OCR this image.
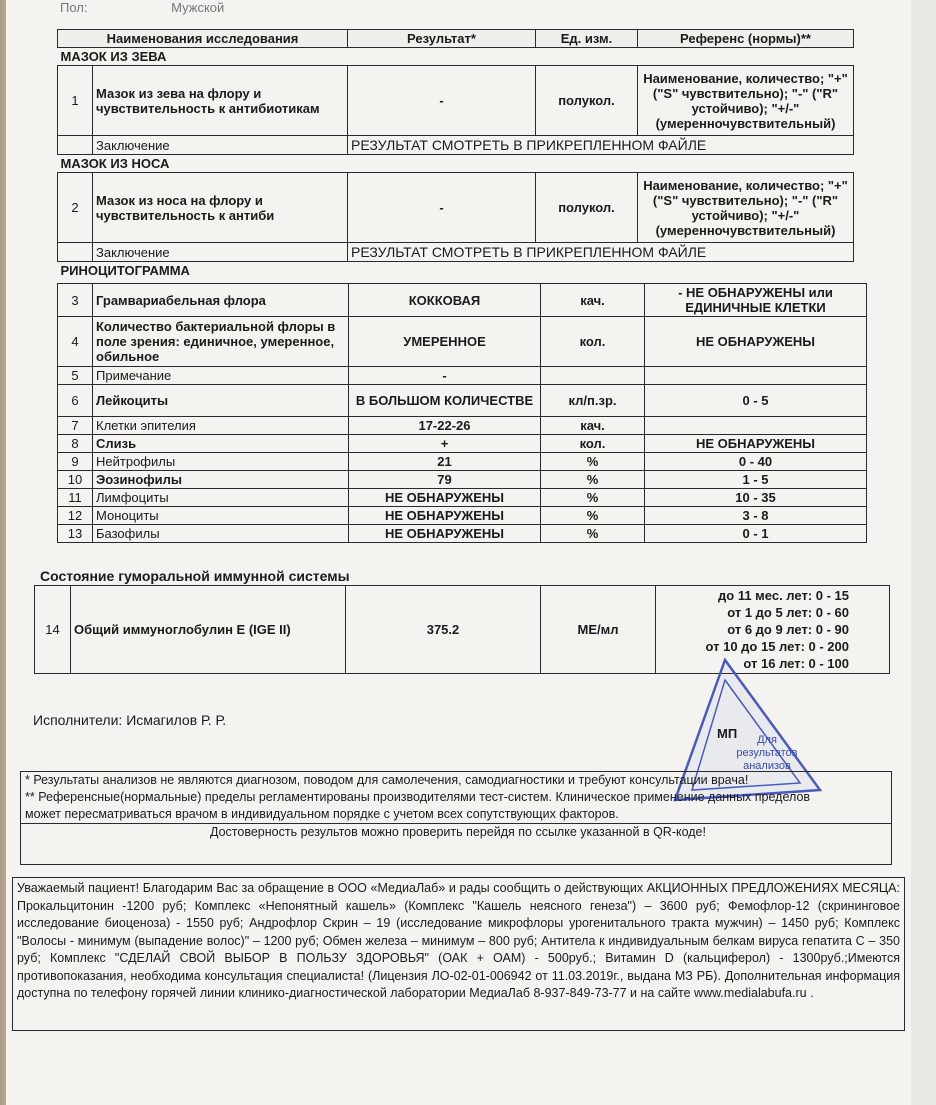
Пол:	Мужской
Наименования исследования		Результат*	Ед. изм.	Референс (нормы)**
МАЗОК ИЗ ЗЕВА				
1	Мазок из зева на флору и чувствительность к антибиотикам	-	полукол.	Наименование, количество; "+" ("S" чувствительно); "-" ("R" устойчиво); "+/-" (умеренночувствительный)
	Заключение	РЕЗУЛЬТАТ СМОТРЕТЬ В ПРИКРЕПЛЕННОМ ФАЙЛЕ		
МАЗОК ИЗ НОСА				
2	Мазок из носа на флору и чувствительность к антиби	-	полукол.	Наименование, количество; "+" ("S" чувствительно); "-" ("R" устойчиво); "+/-" (умеренночувствительный)
	Заключение	РЕЗУЛЬТАТ СМОТРЕТЬ В ПРИКРЕПЛЕННОМ ФАЙЛЕ		
РИНОЦИТОГРАММА				
3	Грамвариабельная флора	КОККОВАЯ	кач.	- НЕ ОБНАРУЖЕНЫ или ЕДИНИЧНЫЕ КЛЕТКИ
4	Количество бактериальной флоры в поле зрения: единичное, умеренное, обильное	УМЕРЕННОЕ	кол.	НЕ ОБНАРУЖЕНЫ
5	Примечание	-		
6	Лейкоциты	В БОЛЬШОМ КОЛИЧЕСТВЕ	кл/п.зр.	0 - 5
7	Клетки эпителия	17-22-26	кач.	
8	Слизь	+	кол.	НЕ ОБНАРУЖЕНЫ
9	Нейтрофилы	21	%	0 - 40
10	Эозинофилы	79	%	1 - 5
11	Лимфоциты	НЕ ОБНАРУЖЕНЫ	%	10 - 35
12	Моноциты	НЕ ОБНАРУЖЕНЫ	%	3 - 8
13	Базофилы	НЕ ОБНАРУЖЕНЫ	%	0 - 1
Состояние гуморальной иммунной системы
14	Общий иммуноглобулин Е (IGE II)	375.2	МЕ/мл	
до 11 мес. лет: 0 - 15
от 1 до 5 лет: 0 - 60
от 6 до 9 лет: 0 - 90
от 10 до 15 лет: 0 - 200
от 16 лет: 0 - 100
Исполнители: Исмагилов Р. Р.
МП	Для результатов анализов
* Результаты анализов не являются диагнозом, поводом для самолечения, самодиагностики и требуют консультации врача!
** Референсные(нормальные) пределы регламентированы производителями тест-систем. Клиническое применение данных пределов
может пересматриваться врачом в индивидуальном порядке с учетом всех сопутствующих факторов.
Достоверность результов можно проверить перейдя по ссылке указанной в QR-коде!
Уважаемый пациент! Благодарим Вас за обращение в ООО «МедиаЛаб» и рады сообщить о действующих АКЦИОННЫХ ПРЕДЛОЖЕНИЯХ МЕСЯЦА: Прокальцитонин -1200 руб; Комплекс «Непонятный кашель» (Комплекс "Кашель неясного генеза") – 3600 руб; Фемофлор-12 (скрининговое исследование биоценоза) - 1550 руб; Андрофлор Скрин – 19 (исследование микрофлоры урогенитального тракта мужчин) – 1450 руб; Комплекс "Волосы - минимум (выпадение волос)" – 1200 руб; Обмен железа – минимум – 800 руб; Антитела к индивидуальным белкам вируса гепатита С – 350 руб; Комплекс "СДЕЛАЙ СВОЙ ВЫБОР В ПОЛЬЗУ ЗДОРОВЬЯ" (ОАК + ОАМ) - 500руб.; Витамин D (кальциферол) - 1300руб.;Имеются противопоказания, необходима консультация специалиста! (Лицензия ЛО-02-01-006942 от 11.03.2019г., выдана МЗ РБ). Дополнительная информация доступна по телефону горячей линии клинико-диагностической лаборатории МедиаЛаб 8-937-849-73-77 и на сайте www.medialabufa.ru .
